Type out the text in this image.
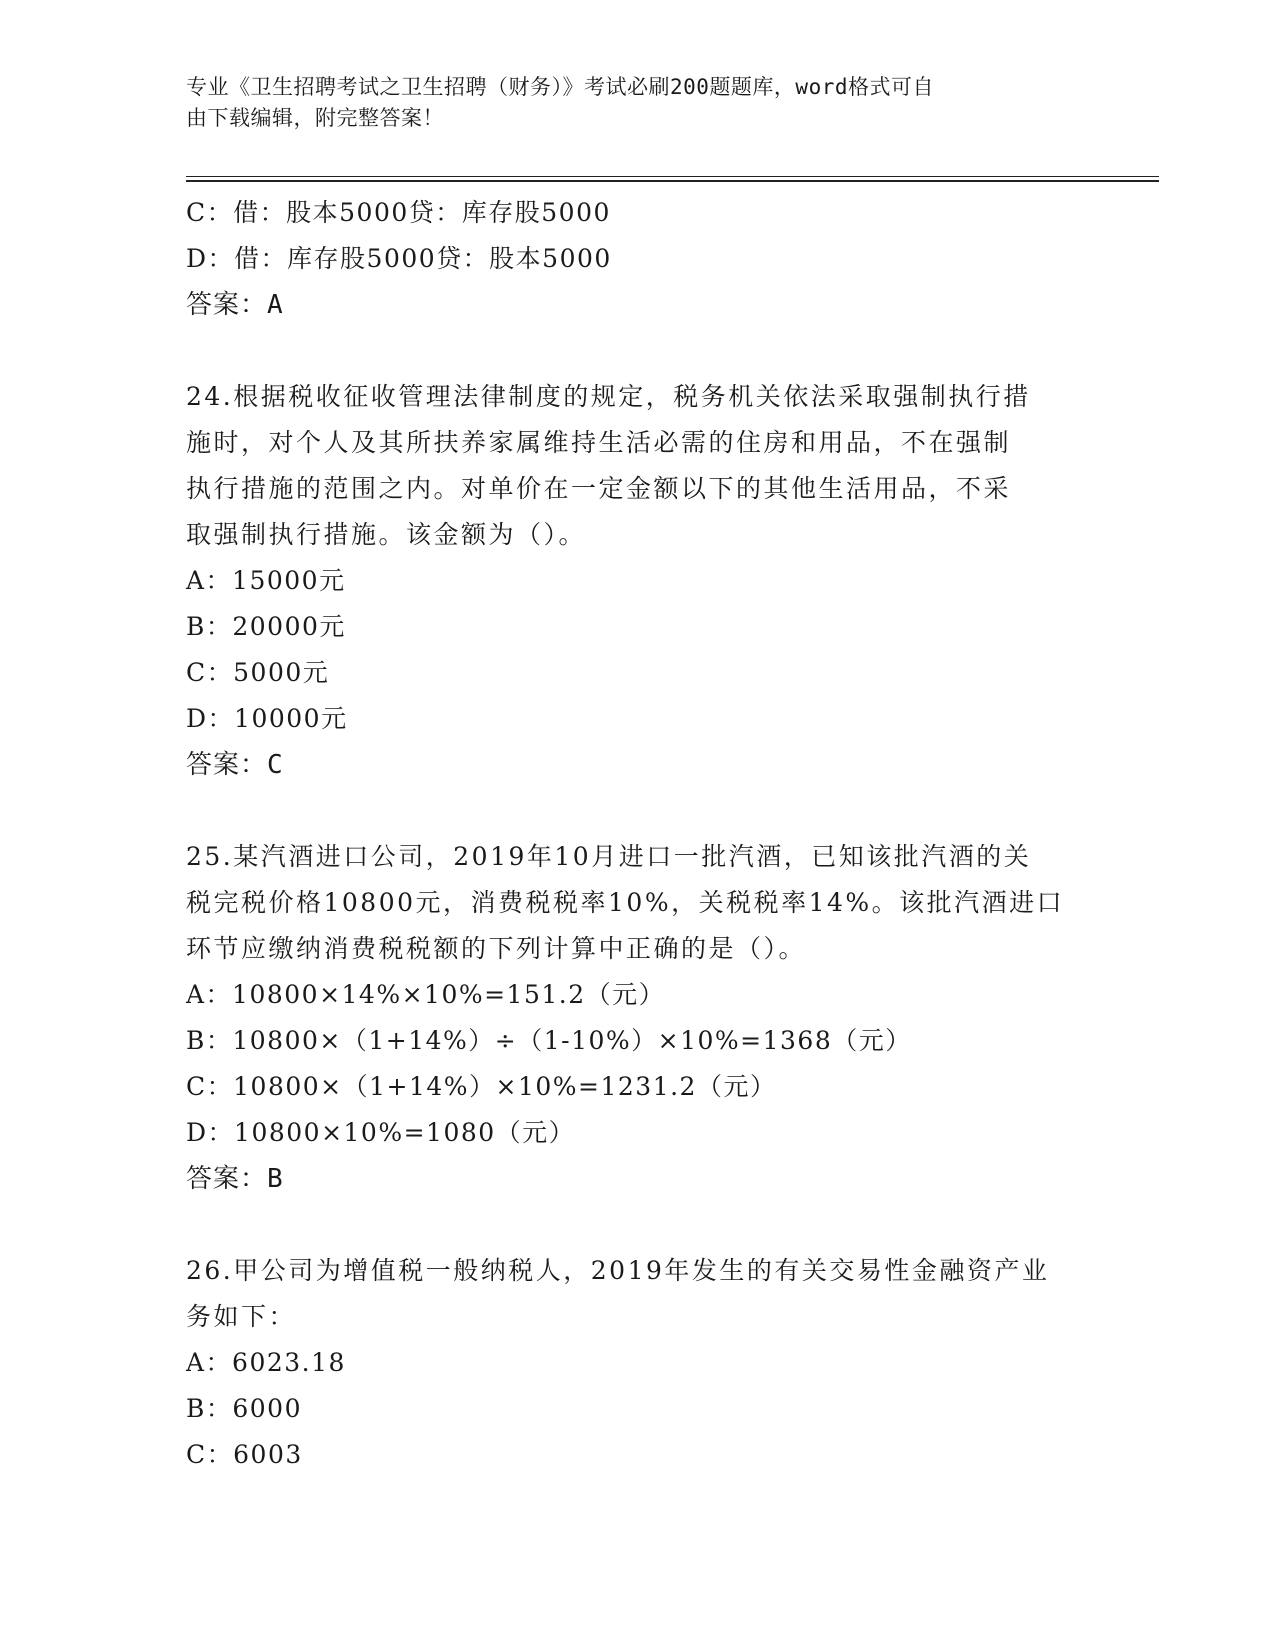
专业《卫生招聘考试之卫生招聘（财务）》考试必刷200题题库，word格式可自
由下载编辑，附完整答案！
C：借：股本5000贷：库存股5000
D：借：库存股5000贷：股本5000
答案：A
24.根据税收征收管理法律制度的规定，税务机关依法采取强制执行措
施时，对个人及其所扶养家属维持生活必需的住房和用品，不在强制
执行措施的范围之内。对单价在一定金额以下的其他生活用品，不采
取强制执行措施。该金额为（）。
A：15000元
B：20000元
C：5000元
D：10000元
答案：C
25.某汽酒进口公司，2019年10月进口一批汽酒，已知该批汽酒的关
税完税价格10800元，消费税税率10%，关税税率14%。该批汽酒进口
环节应缴纳消费税税额的下列计算中正确的是（）。
A：10800×14%×10%=151.2（元）
B：10800×（1+14%）÷（1-10%）×10%=1368（元）
C：10800×（1+14%）×10%=1231.2（元）
D：10800×10%=1080（元）
答案：B
26.甲公司为增值税一般纳税人，2019年发生的有关交易性金融资产业
务如下：
A：6023.18
B：6000
C：6003
